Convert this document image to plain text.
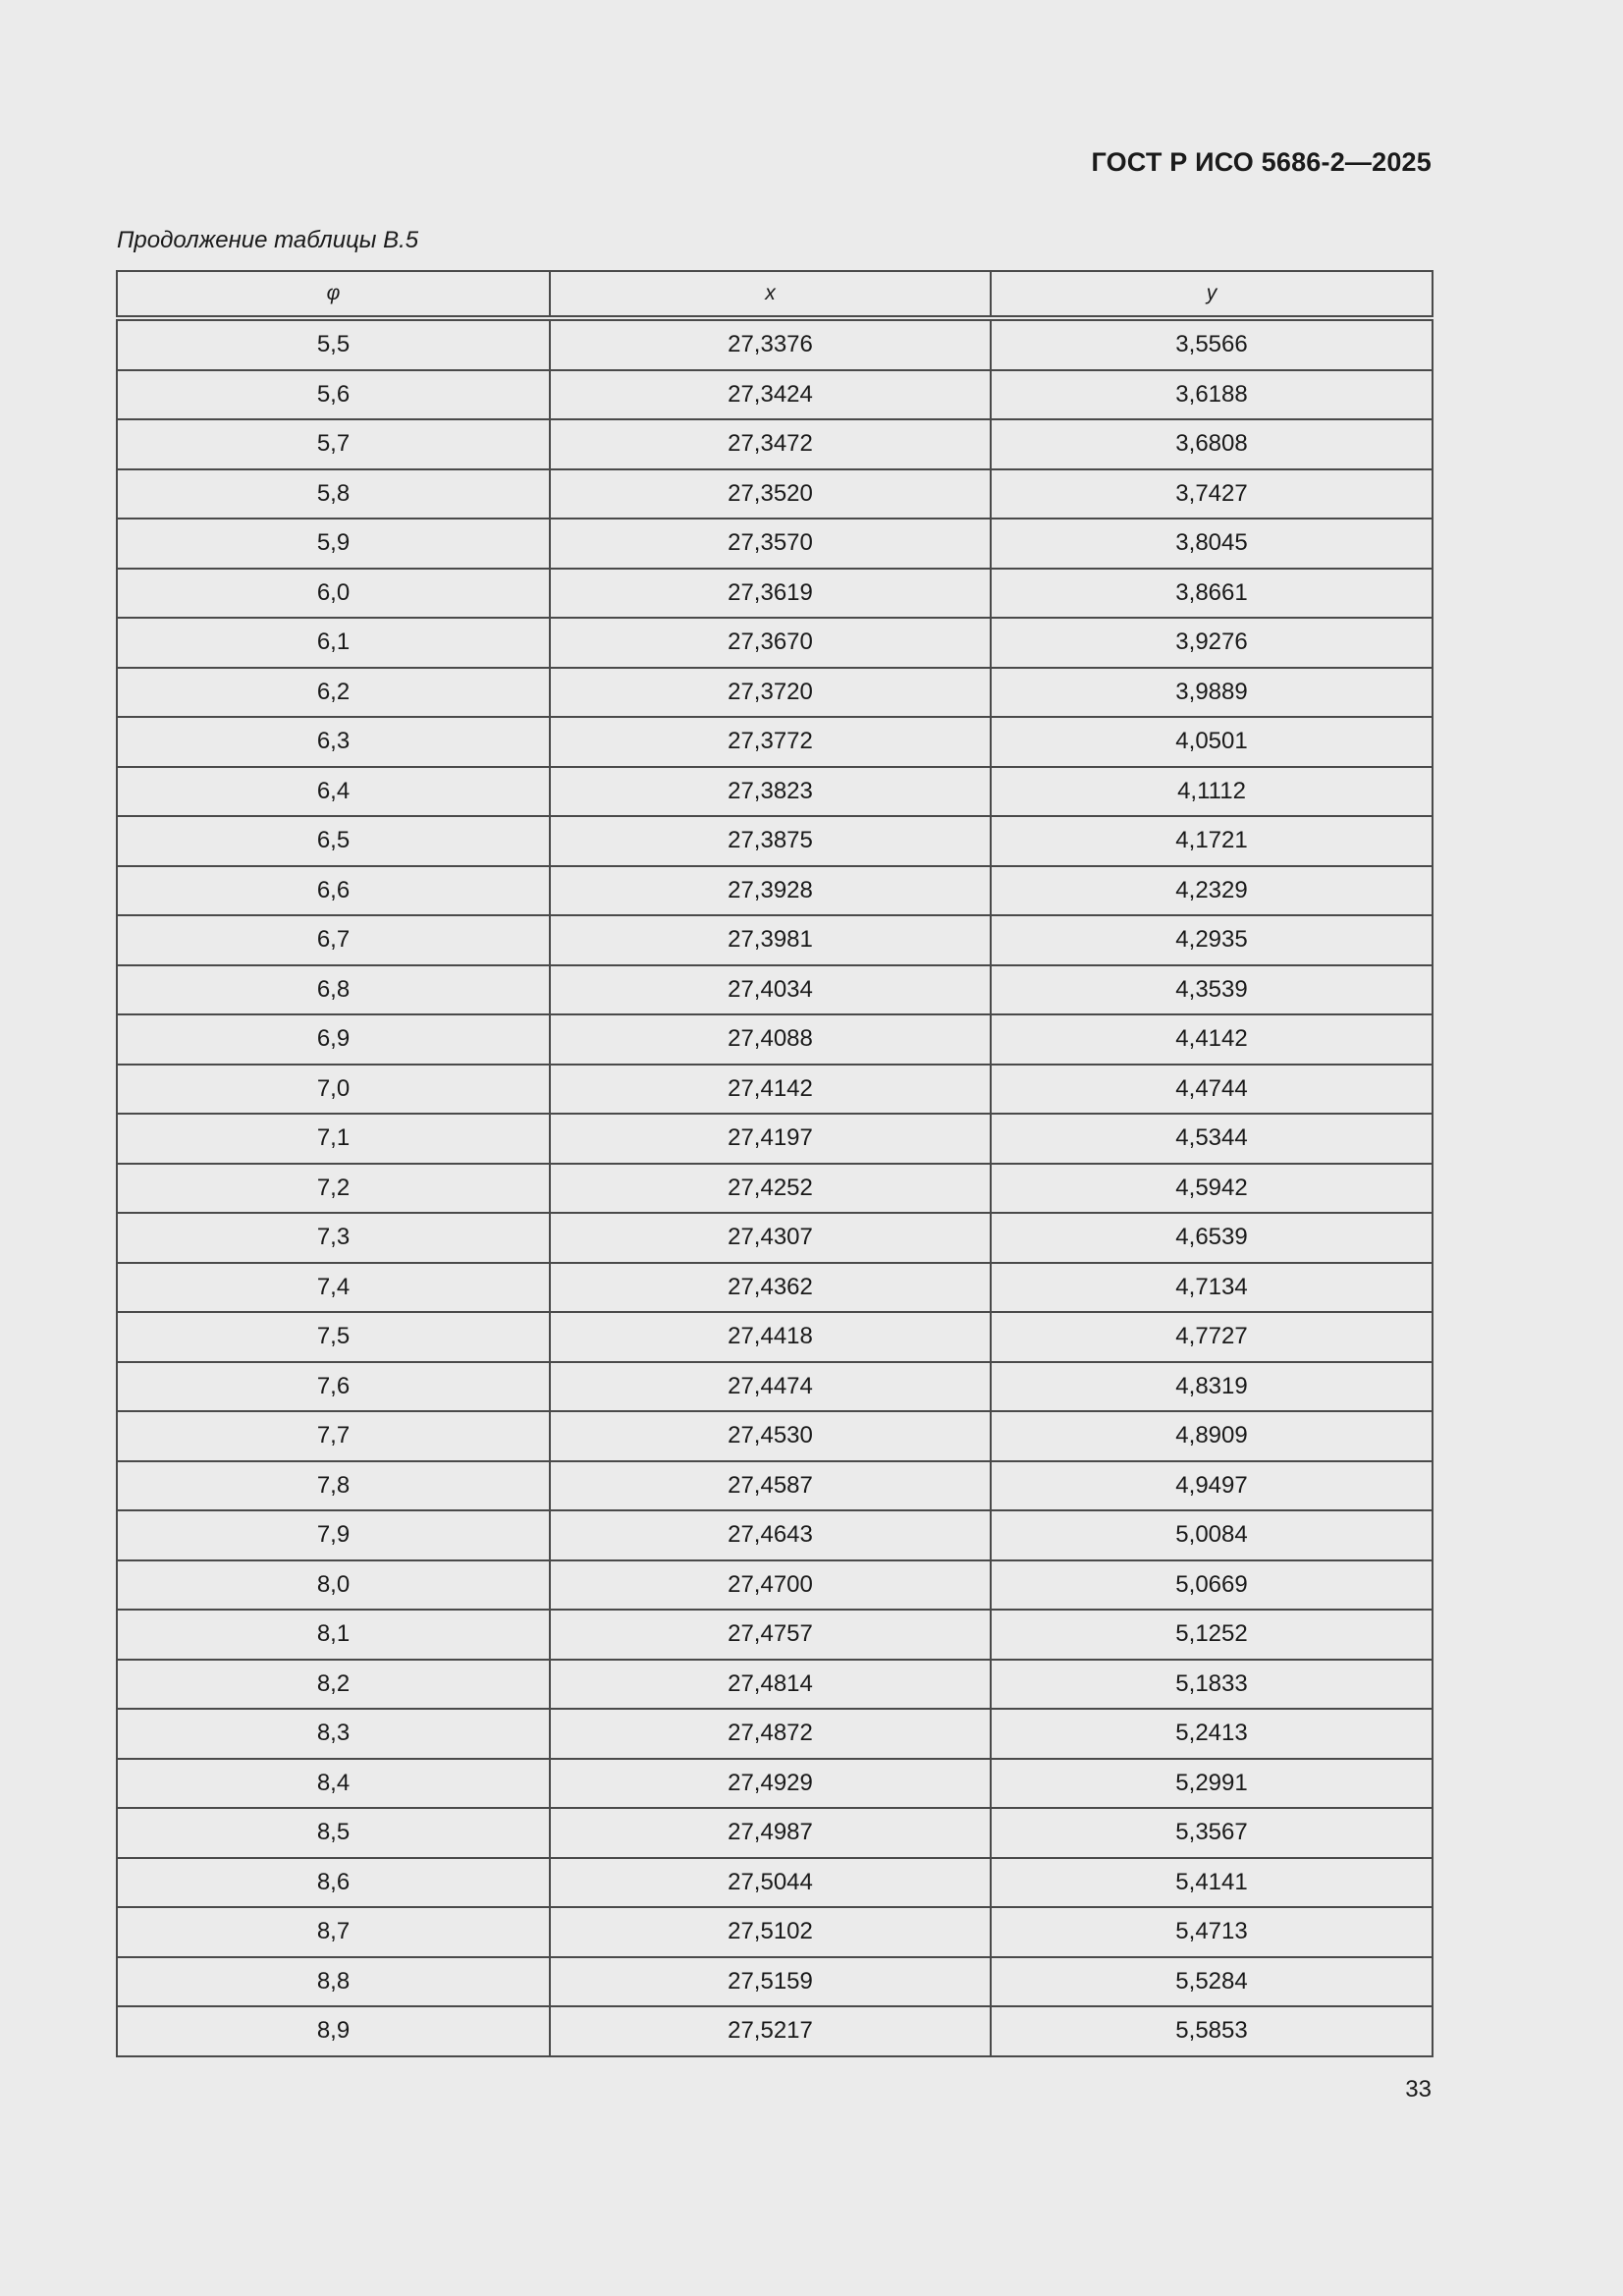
ГОСТ Р ИСО 5686-2—2025
Продолжение таблицы В.5
φ	x	y
5,5	27,3376	3,5566
5,6	27,3424	3,6188
5,7	27,3472	3,6808
5,8	27,3520	3,7427
5,9	27,3570	3,8045
6,0	27,3619	3,8661
6,1	27,3670	3,9276
6,2	27,3720	3,9889
6,3	27,3772	4,0501
6,4	27,3823	4,1112
6,5	27,3875	4,1721
6,6	27,3928	4,2329
6,7	27,3981	4,2935
6,8	27,4034	4,3539
6,9	27,4088	4,4142
7,0	27,4142	4,4744
7,1	27,4197	4,5344
7,2	27,4252	4,5942
7,3	27,4307	4,6539
7,4	27,4362	4,7134
7,5	27,4418	4,7727
7,6	27,4474	4,8319
7,7	27,4530	4,8909
7,8	27,4587	4,9497
7,9	27,4643	5,0084
8,0	27,4700	5,0669
8,1	27,4757	5,1252
8,2	27,4814	5,1833
8,3	27,4872	5,2413
8,4	27,4929	5,2991
8,5	27,4987	5,3567
8,6	27,5044	5,4141
8,7	27,5102	5,4713
8,8	27,5159	5,5284
8,9	27,5217	5,5853
33
